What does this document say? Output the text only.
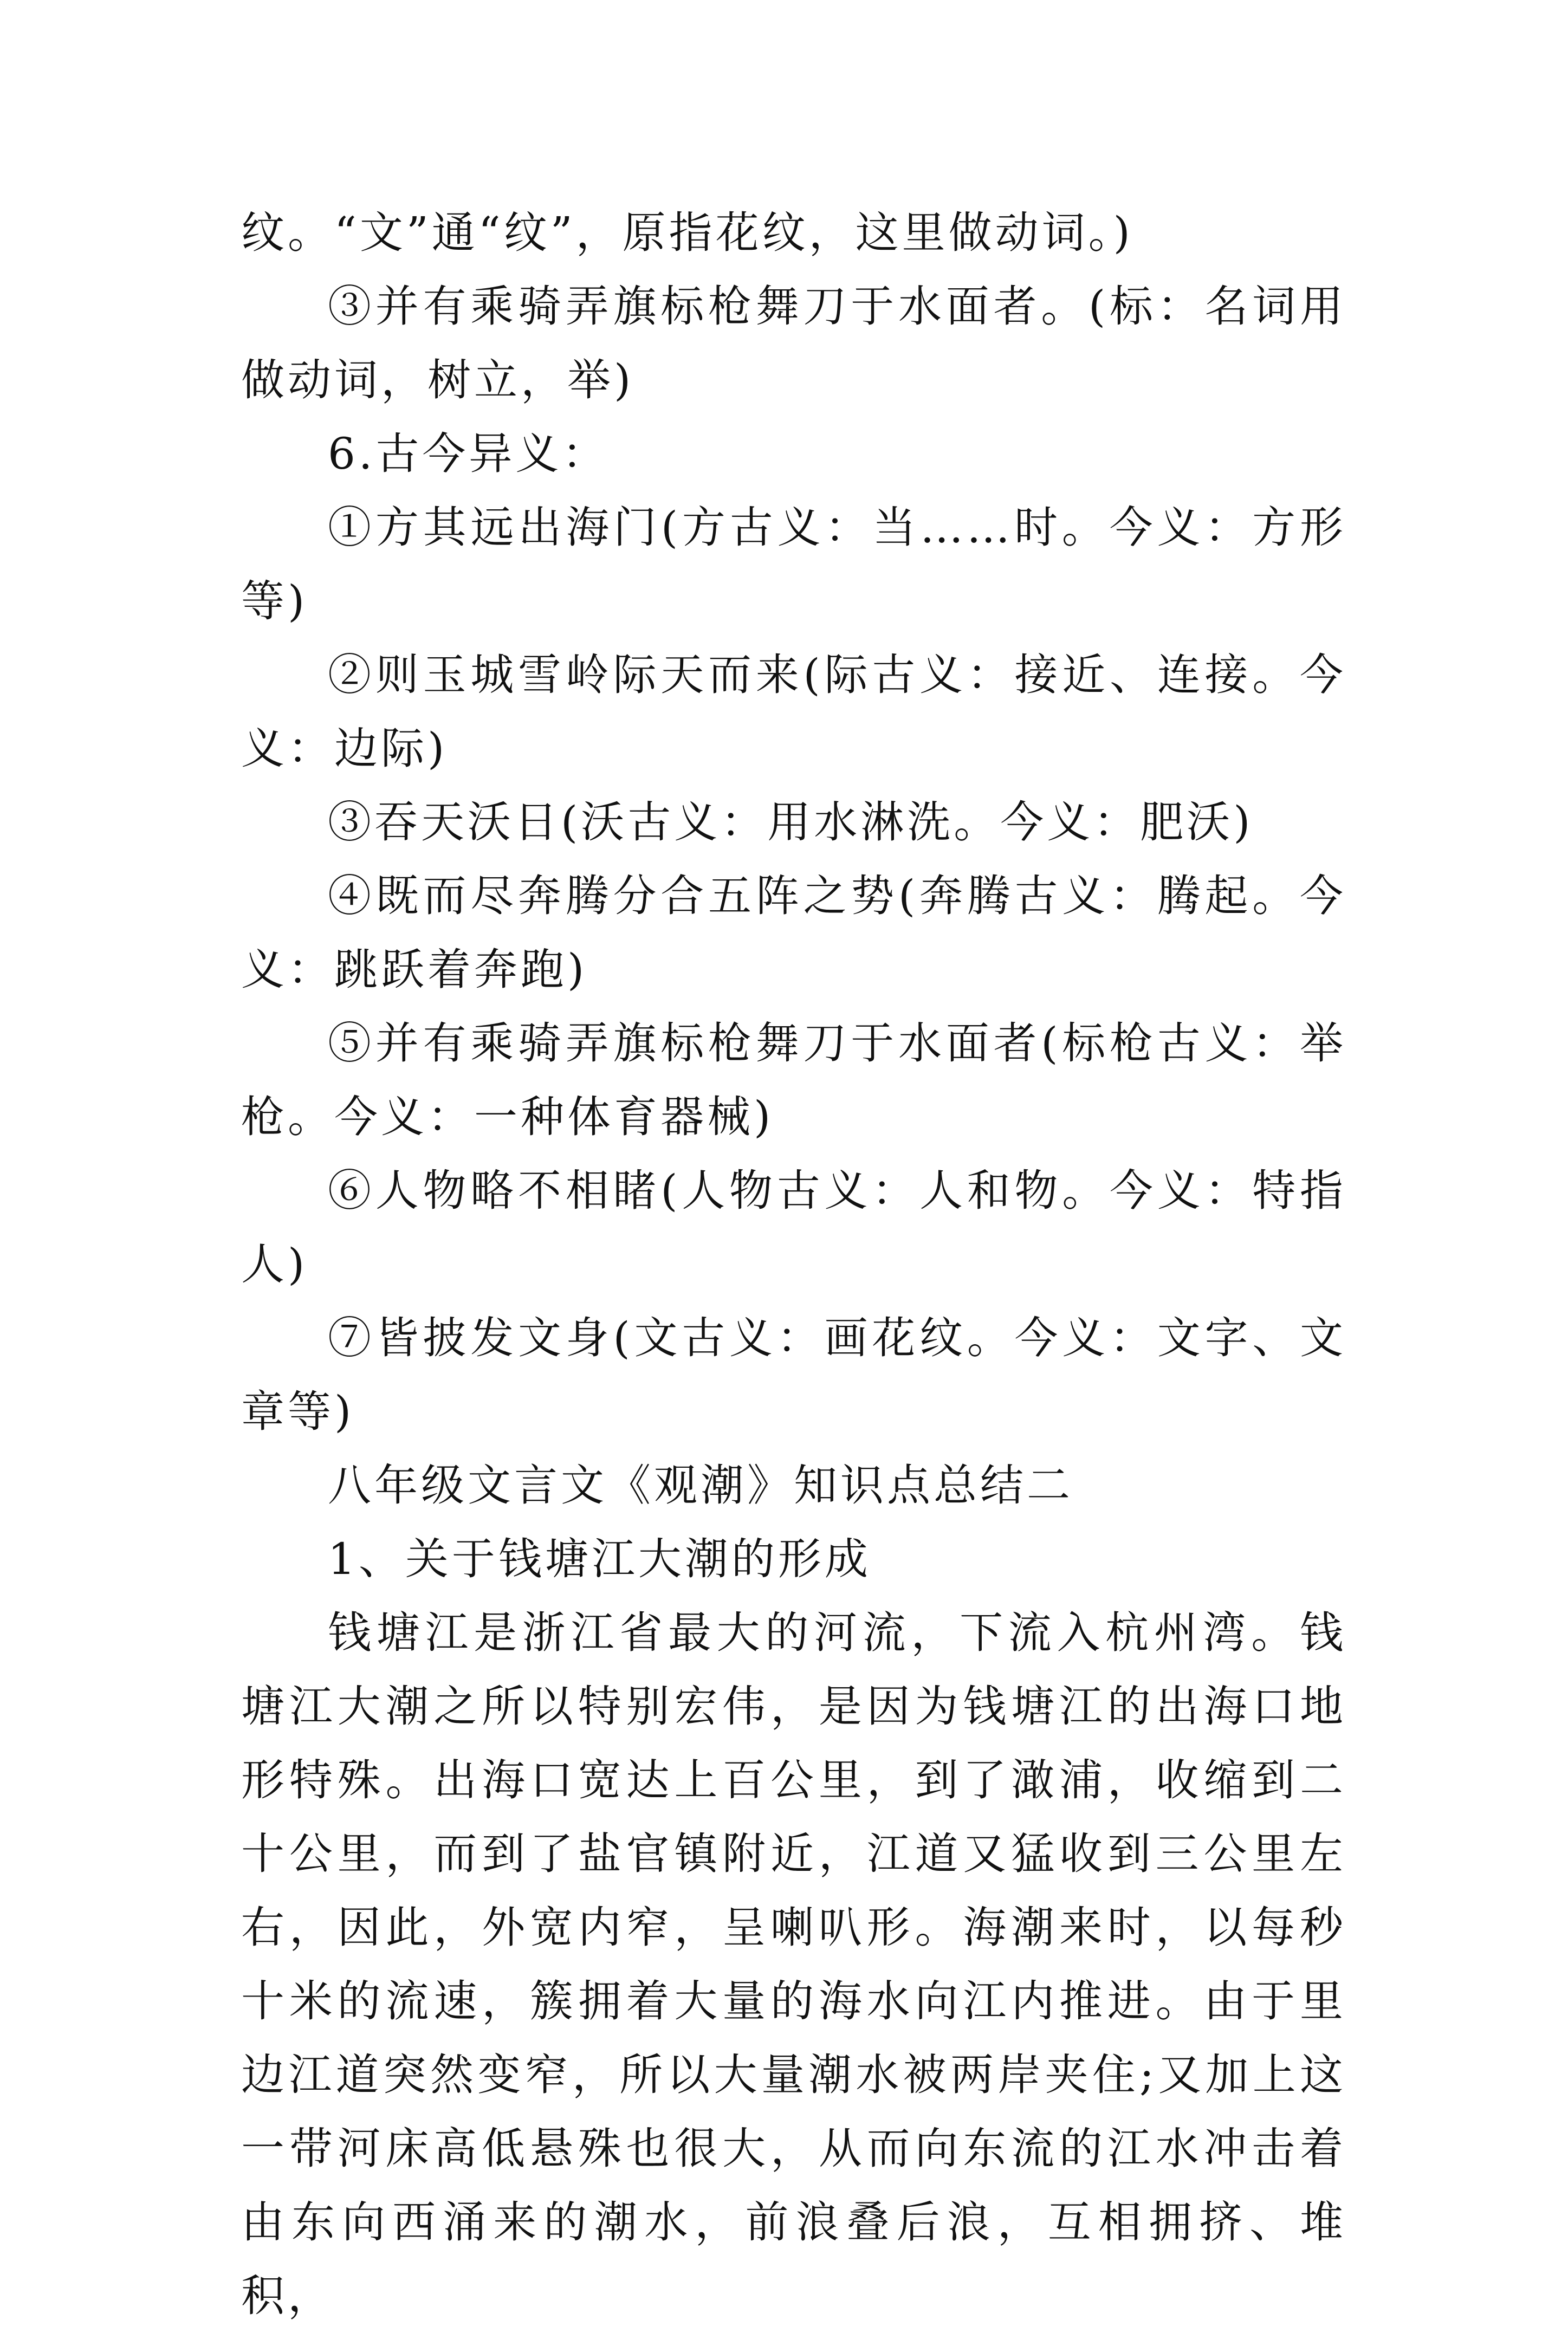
纹。“文”通“纹”，原指花纹，这里做动词。)

③并有乘骑弄旗标枪舞刀于水面者。(标：名词用做动词，树立，举)

6.古今异义：

①方其远出海门(方古义：当……时。今义：方形等)

②则玉城雪岭际天而来(际古义：接近、连接。今义：边际)

③吞天沃日(沃古义：用水淋洗。今义：肥沃)

④既而尽奔腾分合五阵之势(奔腾古义：腾起。今义：跳跃着奔跑)

⑤并有乘骑弄旗标枪舞刀于水面者(标枪古义：举枪。今义：一种体育器械)

⑥人物略不相睹(人物古义：人和物。今义：特指人)

⑦皆披发文身(文古义：画花纹。今义：文字、文章等)

八年级文言文《观潮》知识点总结二

1、关于钱塘江大潮的形成

钱塘江是浙江省最大的河流，下流入杭州湾。钱塘江大潮之所以特别宏伟，是因为钱塘江的出海口地形特殊。出海口宽达上百公里，到了澉浦，收缩到二十公里，而到了盐官镇附近，江道又猛收到三公里左右，因此，外宽内窄，呈喇叭形。海潮来时，以每秒十米的流速，簇拥着大量的海水向江内推进。由于里边江道突然变窄，所以大量潮水被两岸夹住;又加上这一带河床高低悬殊也很大，从而向东流的江水冲击着由东向西涌来的潮水，前浪叠后浪，互相拥挤、堆积，
